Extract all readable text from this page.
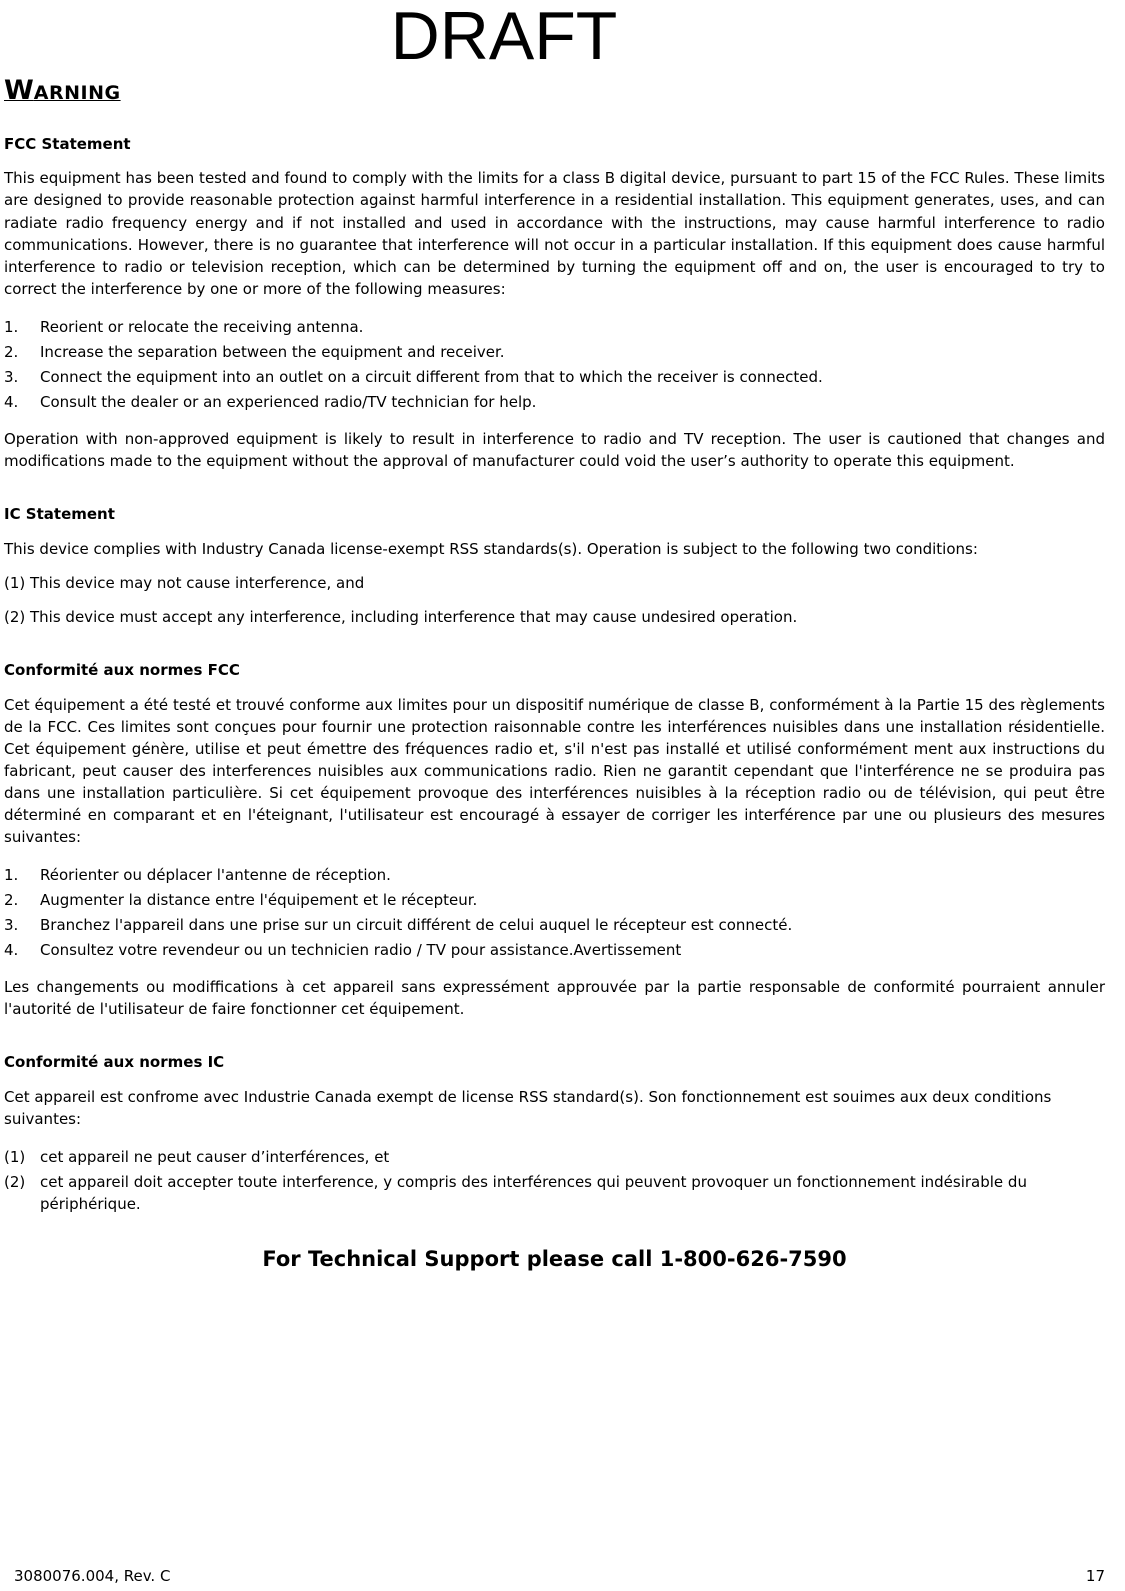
DRAFT
WARNING
FCC Statement

This equipment has been tested and found to comply with the limits for a class B digital device, pursuant to part 15 of the FCC Rules. These limits are designed to provide reasonable protection against harmful interference in a residential installation. This equipment generates, uses, and can radiate radio frequency energy and if not installed and used in accordance with the instructions, may cause harmful interference to radio communications. However, there is no guarantee that interference will not occur in a particular installation. If this equipment does cause harmful interference to radio or television reception, which can be determined by turning the equipment off and on, the user is encouraged to try to correct the interference by one or more of the following measures:

1.	Reorient or relocate the receiving antenna.
2.	Increase the separation between the equipment and receiver.
3.	Connect the equipment into an outlet on a circuit different from that to which the receiver is connected.
4.	Consult the dealer or an experienced radio/TV technician for help.

Operation with non-approved equipment is likely to result in interference to radio and TV reception. The user is cautioned that changes and modifications made to the equipment without the approval of manufacturer could void the user’s authority to operate this equipment.

IC Statement

This device complies with Industry Canada license-exempt RSS standards(s). Operation is subject to the following two conditions:

(1) This device may not cause interference, and

(2) This device must accept any interference, including interference that may cause undesired operation.

Conformité aux normes FCC

Cet équipement a été testé et trouvé conforme aux limites pour un dispositif numérique de classe B, conformément à la Partie 15 des règlements de la FCC. Ces limites sont conçues pour fournir une protection raisonnable contre les interférences nuisibles dans une installation résidentielle. Cet équipement génère, utilise et peut émettre des fréquences radio et, s'il n'est pas installé et utilisé conformément ment aux instructions du fabricant, peut causer des interferences nuisibles aux communications radio. Rien ne garantit cependant que l'interférence ne se produira pas dans une installation particulière. Si cet équipement provoque des interférences nuisibles à la réception radio ou de télévision, qui peut être déterminé en comparant et en l'éteignant, l'utilisateur est encouragé à essayer de corriger les interférence par une ou plusieurs des mesures suivantes:

1.	Réorienter ou déplacer l'antenne de réception.
2.	Augmenter la distance entre l'équipement et le récepteur.
3.	Branchez l'appareil dans une prise sur un circuit différent de celui auquel le récepteur est connecté.
4.	Consultez votre revendeur ou un technicien radio / TV pour assistance.Avertissement

Les changements ou modiffications à cet appareil sans expressément approuvée par la partie responsable de conformité pourraient annuler l'autorité de l'utilisateur de faire fonctionner cet équipement.

Conformité aux normes IC

Cet appareil est confrome avec Industrie Canada exempt de license RSS standard(s). Son fonctionnement est souimes aux deux conditions suivantes:

(1) cet appareil ne peut causer d’interférences, et
(2) cet appareil doit accepter toute interference, y compris des interférences qui peuvent provoquer un fonctionnement indésirable du périphérique.
For Technical Support please call 1-800-626-7590
3080076.004, Rev. C	17
